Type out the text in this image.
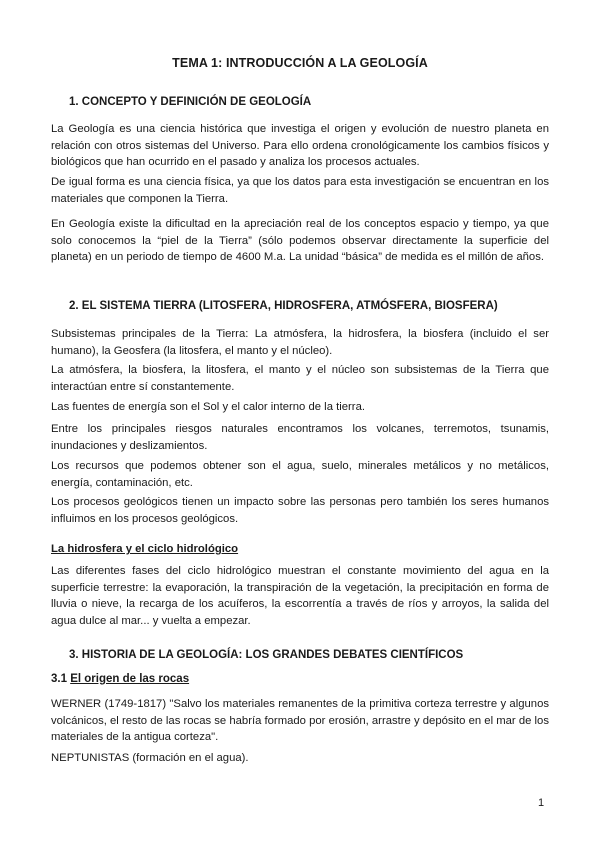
TEMA 1: INTRODUCCIÓN A LA GEOLOGÍA
1. CONCEPTO Y DEFINICIÓN DE GEOLOGÍA

La Geología es una ciencia histórica que investiga el origen y evolución de nuestro planeta en relación con otros sistemas del Universo. Para ello ordena cronológicamente los cambios físicos y biológicos que han ocurrido en el pasado y analiza los procesos actuales.

De igual forma es una ciencia física, ya que los datos para esta investigación se encuentran en los materiales que componen la Tierra.

En Geología existe la dificultad en la apreciación real de los conceptos espacio y tiempo, ya que solo conocemos la “piel de la Tierra” (sólo podemos observar directamente la superficie del planeta) en un periodo de tiempo de 4600 M.a. La unidad “básica” de medida es el millón de años.

2. EL SISTEMA TIERRA (LITOSFERA, HIDROSFERA, ATMÓSFERA, BIOSFERA)

Subsistemas principales de la Tierra: La atmósfera, la hidrosfera, la biosfera (incluido el ser humano), la Geosfera (la litosfera, el manto y el núcleo).

La atmósfera, la biosfera, la litosfera, el manto y el núcleo son subsistemas de la Tierra que interactúan entre sí constantemente.

Las fuentes de energía son el Sol y el calor interno de la tierra.

Entre los principales riesgos naturales encontramos los volcanes, terremotos, tsunamis, inundaciones y deslizamientos.

Los recursos que podemos obtener son el agua, suelo, minerales metálicos y no metálicos, energía, contaminación, etc.

Los procesos geológicos tienen un impacto sobre las personas pero también los seres humanos influimos en los procesos geológicos.

La hidrosfera y el ciclo hidrológico

Las diferentes fases del ciclo hidrológico muestran el constante movimiento del agua en la superficie terrestre: la evaporación, la transpiración de la vegetación, la precipitación en forma de lluvia o nieve, la recarga de los acuíferos, la escorrentía a través de ríos y arroyos, la salida del agua dulce al mar... y vuelta a empezar.

3. HISTORIA DE LA GEOLOGÍA: LOS GRANDES DEBATES CIENTÍFICOS
3.1 El origen de las rocas

WERNER (1749-1817) "Salvo los materiales remanentes de la primitiva corteza terrestre y algunos volcánicos, el resto de las rocas se habría formado por erosión, arrastre y depósito en el mar de los materiales de la antigua corteza".

NEPTUNISTAS (formación en el agua).

1
